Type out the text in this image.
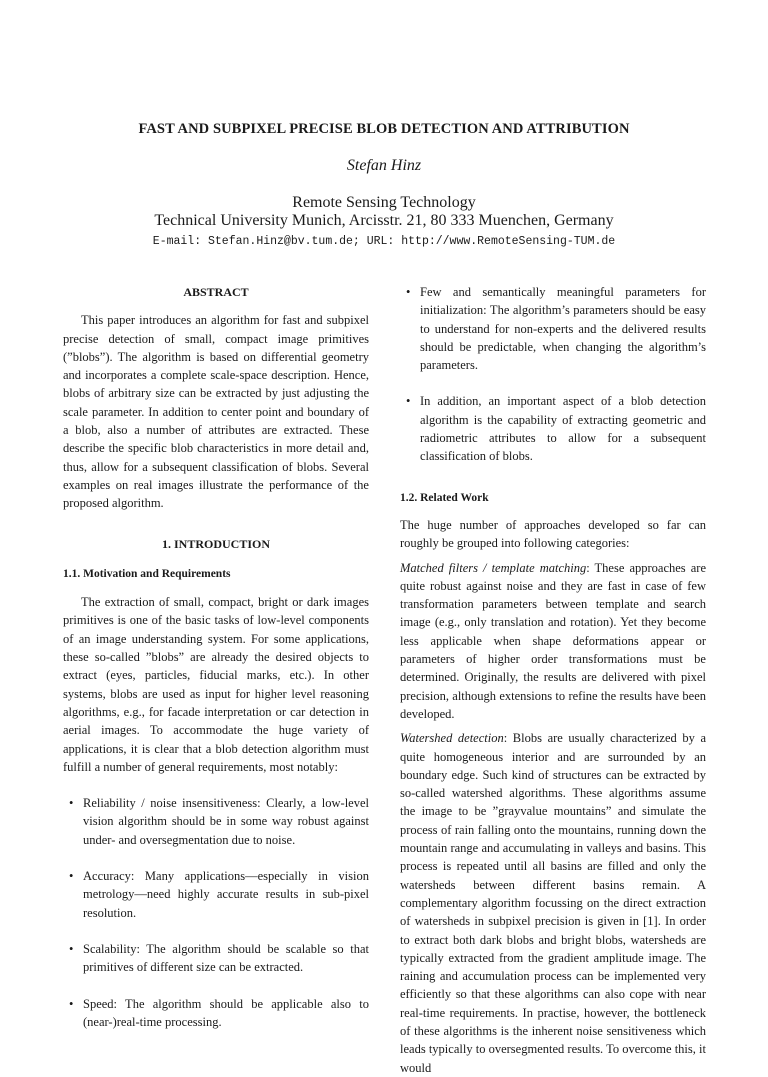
FAST AND SUBPIXEL PRECISE BLOB DETECTION AND ATTRIBUTION
Stefan Hinz
Remote Sensing Technology
Technical University Munich, Arcisstr. 21, 80 333 Muenchen, Germany
E-mail: Stefan.Hinz@bv.tum.de; URL: http://www.RemoteSensing-TUM.de
ABSTRACT

This paper introduces an algorithm for fast and subpixel precise detection of small, compact image primitives (”blobs”). The algorithm is based on differential geometry and incorporates a complete scale-space description. Hence, blobs of arbitrary size can be extracted by just adjusting the scale parameter. In addition to center point and boundary of a blob, also a number of attributes are extracted. These describe the specific blob characteristics in more detail and, thus, allow for a subsequent classification of blobs. Several examples on real images illustrate the performance of the proposed algorithm.

1. INTRODUCTION
1.1. Motivation and Requirements

The extraction of small, compact, bright or dark images primitives is one of the basic tasks of low-level components of an image understanding system. For some applications, these so-called ”blobs” are already the desired objects to extract (eyes, particles, fiducial marks, etc.). In other systems, blobs are used as input for higher level reasoning algorithms, e.g., for facade interpretation or car detection in aerial images. To accommodate the huge variety of applications, it is clear that a blob detection algorithm must fulfill a number of general requirements, most notably:

• Reliability / noise insensitiveness: Clearly, a low-level vision algorithm should be in some way robust against under- and oversegmentation due to noise.
• Accuracy: Many applications—especially in vision metrology—need highly accurate results in sub-pixel resolution.
• Scalability: The algorithm should be scalable so that primitives of different size can be extracted.
• Speed: The algorithm should be applicable also to (near-)real-time processing.
• Few and semantically meaningful parameters for initialization: The algorithm’s parameters should be easy to understand for non-experts and the delivered results should be predictable, when changing the algorithm’s parameters.
• In addition, an important aspect of a blob detection algorithm is the capability of extracting geometric and radiometric attributes to allow for a subsequent classification of blobs.
1.2. Related Work

The huge number of approaches developed so far can roughly be grouped into following categories:

Matched filters / template matching: These approaches are quite robust against noise and they are fast in case of few transformation parameters between template and search image (e.g., only translation and rotation). Yet they become less applicable when shape deformations appear or parameters of higher order transformations must be determined. Originally, the results are delivered with pixel precision, although extensions to refine the results have been developed.

Watershed detection: Blobs are usually characterized by a quite homogeneous interior and are surrounded by an boundary edge. Such kind of structures can be extracted by so-called watershed algorithms. These algorithms assume the image to be ”grayvalue mountains” and simulate the process of rain falling onto the mountains, running down the mountain range and accumulating in valleys and basins. This process is repeated until all basins are filled and only the watersheds between different basins remain. A complementary algorithm focussing on the direct extraction of watersheds in subpixel precision is given in [1]. In order to extract both dark blobs and bright blobs, watersheds are typically extracted from the gradient amplitude image. The raining and accumulation process can be implemented very efficiently so that these algorithms can also cope with near real-time requirements. In practise, however, the bottleneck of these algorithms is the inherent noise sensitiveness which leads typically to oversegmented results. To overcome this, it would
